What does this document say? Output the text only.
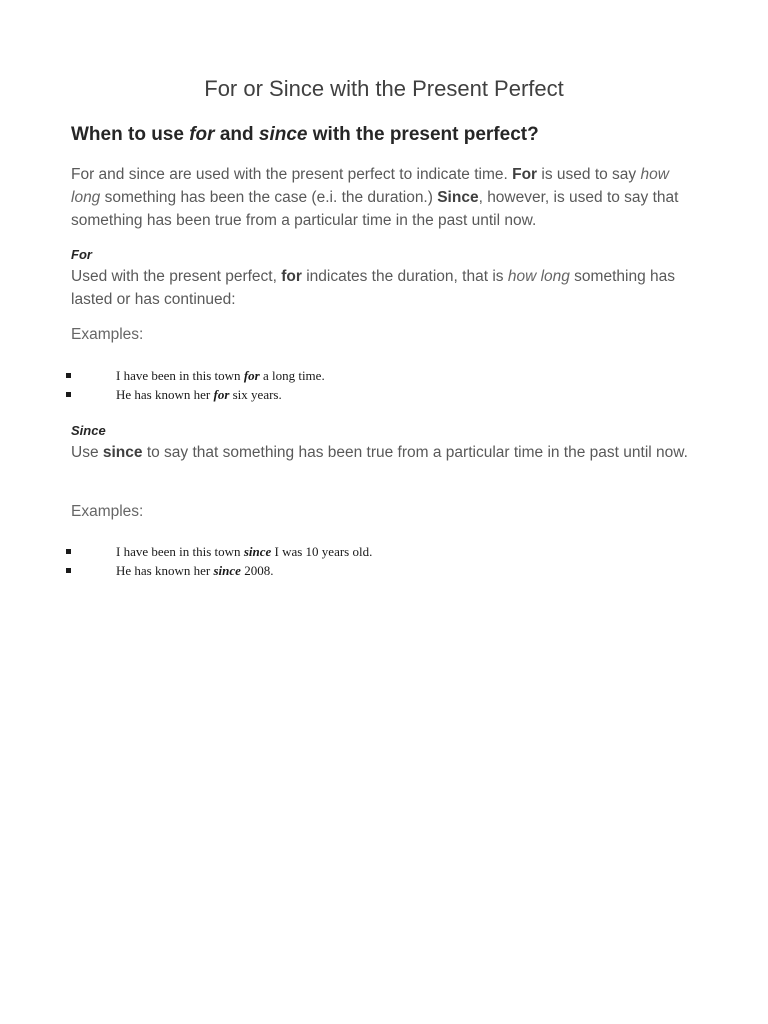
For or Since with the Present Perfect
When to use for and since with the present perfect?

For and since are used with the present perfect to indicate time. For is used to say how long something has been the case (e.i. the duration.) Since, however, is used to say that something has been true from a particular time in the past until now.

For

Used with the present perfect, for indicates the duration, that is how long something has lasted or has continued:

Examples:

I have been in this town for a long time.
He has known her for six years.

Since

Use since to say that something has been true from a particular time in the past until now.

Examples:

I have been in this town since I was 10 years old.
He has known her since 2008.
